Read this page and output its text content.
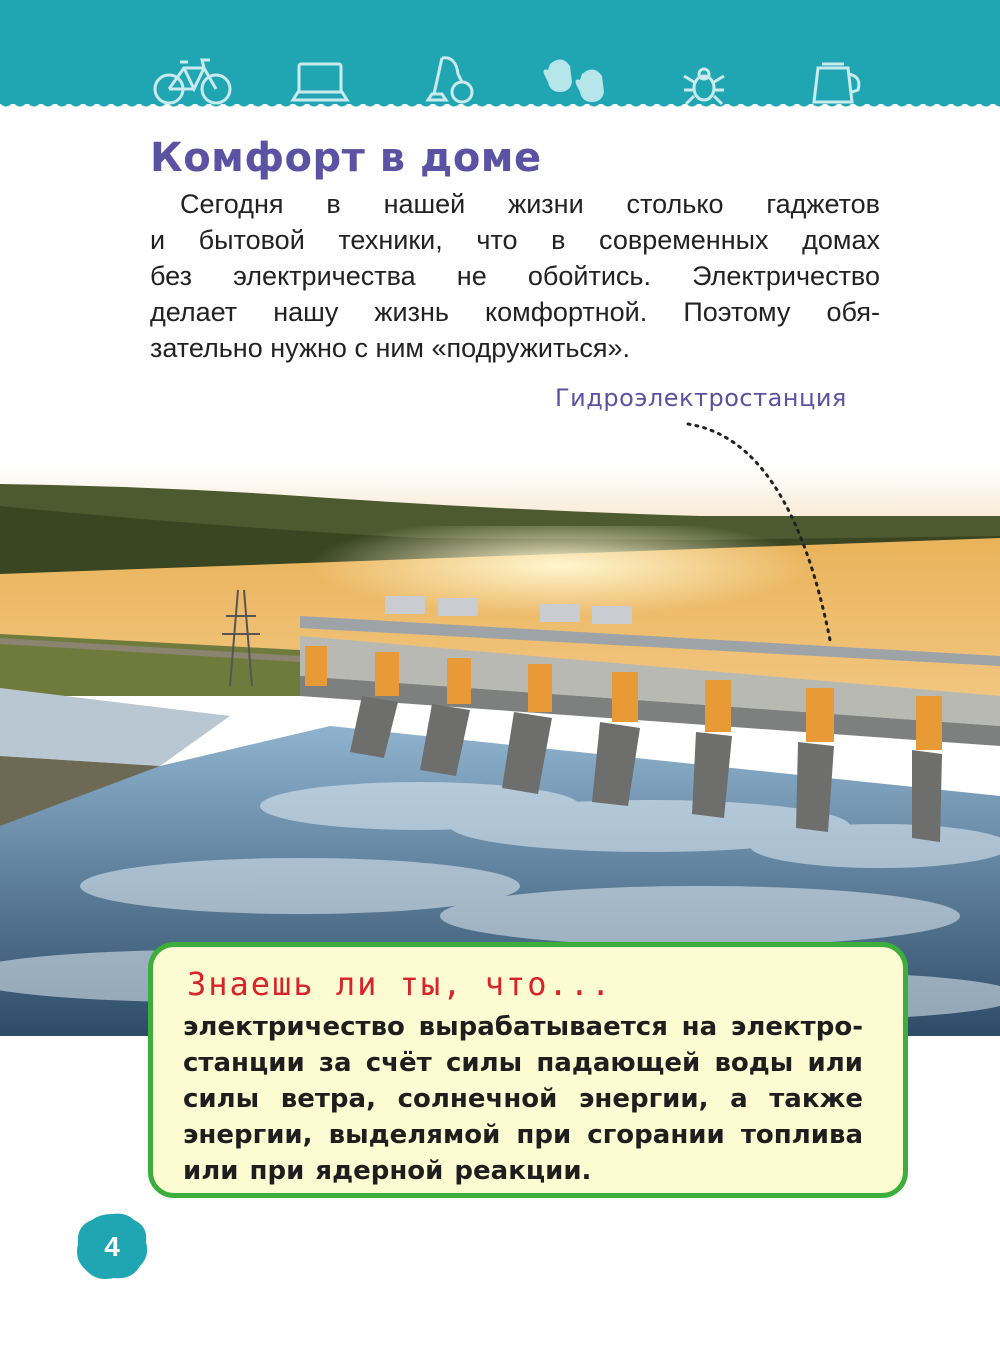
Комфорт в доме
Сегодня в нашей жизни столько гаджетов
и бытовой техники, что в современных домах
без электричества не обойтись. Электричество
делает нашу жизнь комфортной. Поэтому обя-
зательно нужно с ним «подружиться».
Гидроэлектростанция
Знаешь ли ты, что...
электричество вырабатывается на электро-
станции за счёт силы падающей воды или
силы ветра, солнечной энергии, а также
энергии, выделямой при сгорании топлива
или при ядерной реакции.
4
